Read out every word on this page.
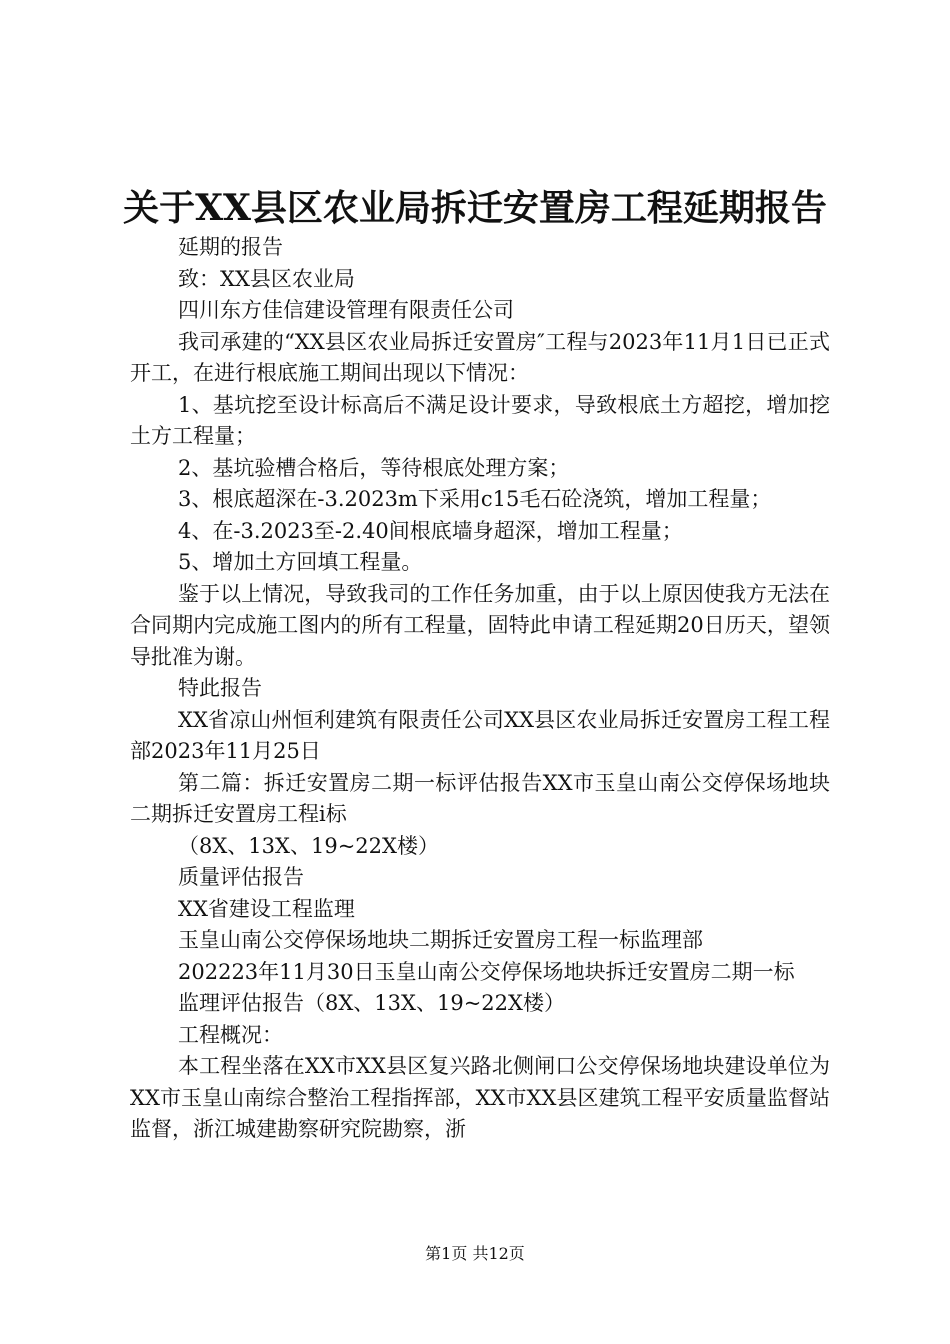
关于XX县区农业局拆迁安置房工程延期报告

延期的报告

致：XX县区农业局

四川东方佳信建设管理有限责任公司

我司承建的“XX县区农业局拆迁安置房″工程与2023年11月1日已正式开工，在进行根底施工期间出现以下情况：

1、基坑挖至设计标高后不满足设计要求，导致根底土方超挖，增加挖土方工程量；

2、基坑验槽合格后，等待根底处理方案；

3、根底超深在-3.2023m下采用c15毛石砼浇筑，增加工程量；

4、在-3.2023至-2.40间根底墙身超深，增加工程量；

5、增加土方回填工程量。

鉴于以上情况，导致我司的工作任务加重，由于以上原因使我方无法在合同期内完成施工图内的所有工程量，固特此申请工程延期20日历天，望领导批准为谢。

特此报告

XX省凉山州恒利建筑有限责任公司XX县区农业局拆迁安置房工程工程部2023年11月25日

第二篇：拆迁安置房二期一标评估报告XX市玉皇山南公交停保场地块二期拆迁安置房工程ⅰ标

（8X、13X、19~22X楼）

质量评估报告

XX省建设工程监理

玉皇山南公交停保场地块二期拆迁安置房工程一标监理部

202223年11月30日玉皇山南公交停保场地块拆迁安置房二期一标

监理评估报告（8X、13X、19~22X楼）

工程概况：

本工程坐落在XX市XX县区复兴路北侧闸口公交停保场地块建设单位为XX市玉皇山南综合整治工程指挥部，XX市XX县区建筑工程平安质量监督站监督，浙江城建勘察研究院勘察，浙

第1页 共12页
